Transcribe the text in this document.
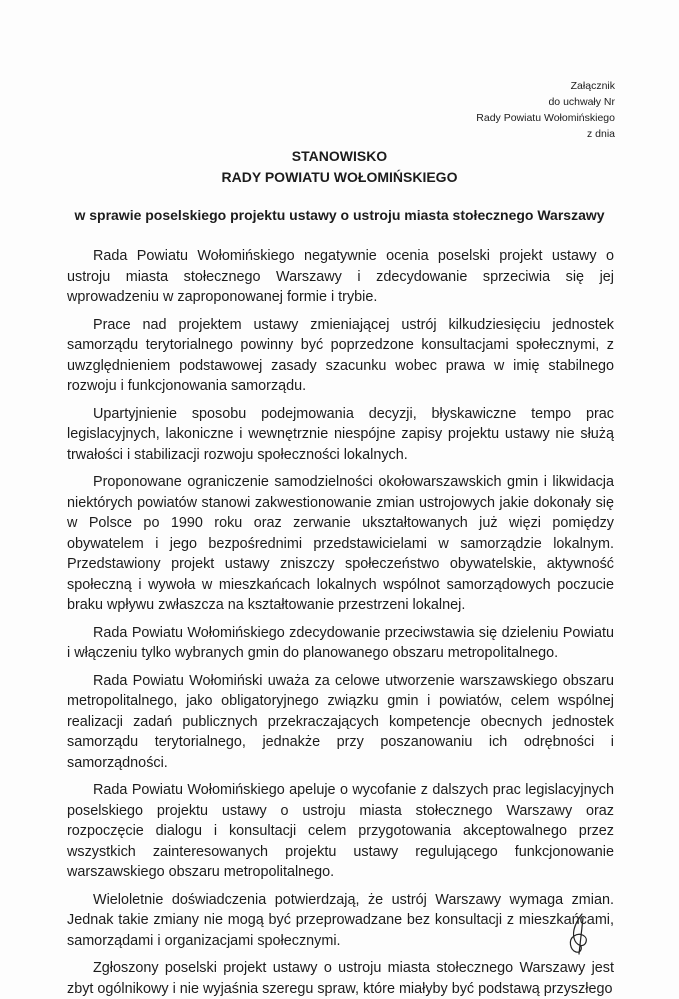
Załącznik
do uchwały Nr
Rady Powiatu Wołomińskiego
z dnia
STANOWISKO
RADY POWIATU WOŁOMIŃSKIEGO
w sprawie poselskiego projektu ustawy o ustroju miasta stołecznego Warszawy

Rada Powiatu Wołomińskiego negatywnie ocenia poselski projekt ustawy o ustroju miasta stołecznego Warszawy i zdecydowanie sprzeciwia się jej wprowadzeniu w zaproponowanej formie i trybie.

Prace nad projektem ustawy zmieniającej ustrój kilkudziesięciu jednostek samorządu terytorialnego powinny być poprzedzone konsultacjami społecznymi, z uwzględnieniem podstawowej zasady szacunku wobec prawa w imię stabilnego rozwoju i funkcjonowania samorządu.

Upartyjnienie sposobu podejmowania decyzji, błyskawiczne tempo prac legislacyjnych, lakoniczne i wewnętrznie niespójne zapisy projektu ustawy nie służą trwałości i stabilizacji rozwoju społeczności lokalnych.

Proponowane ograniczenie samodzielności okołowarszawskich gmin i likwidacja niektórych powiatów stanowi zakwestionowanie zmian ustrojowych jakie dokonały się w Polsce po 1990 roku oraz zerwanie ukształtowanych już więzi pomiędzy obywatelem i jego bezpośrednimi przedstawicielami w samorządzie lokalnym. Przedstawiony projekt ustawy zniszczy społeczeństwo obywatelskie, aktywność społeczną i wywoła w mieszkańcach lokalnych wspólnot samorządowych poczucie braku wpływu zwłaszcza na kształtowanie przestrzeni lokalnej.

Rada Powiatu Wołomińskiego zdecydowanie przeciwstawia się dzieleniu Powiatu i włączeniu tylko wybranych gmin do planowanego obszaru metropolitalnego.

Rada Powiatu Wołomiński uważa za celowe utworzenie warszawskiego obszaru metropolitalnego, jako obligatoryjnego związku gmin i powiatów, celem wspólnej realizacji zadań publicznych przekraczających kompetencje obecnych jednostek samorządu terytorialnego, jednakże przy poszanowaniu ich odrębności i samorządności.

Rada Powiatu Wołomińskiego apeluje o wycofanie z dalszych prac legislacyjnych poselskiego projektu ustawy o ustroju miasta stołecznego Warszawy oraz rozpoczęcie dialogu i konsultacji celem przygotowania akceptowalnego przez wszystkich zainteresowanych projektu ustawy regulującego funkcjonowanie warszawskiego obszaru metropolitalnego.

Wieloletnie doświadczenia potwierdzają, że ustrój Warszawy wymaga zmian. Jednak takie zmiany nie mogą być przeprowadzane bez konsultacji z mieszkańcami, samorządami i organizacjami społecznymi.

Zgłoszony poselski projekt ustawy o ustroju miasta stołecznego Warszawy jest zbyt ogólnikowy i nie wyjaśnia szeregu spraw, które miałyby być podstawą przyszłego
